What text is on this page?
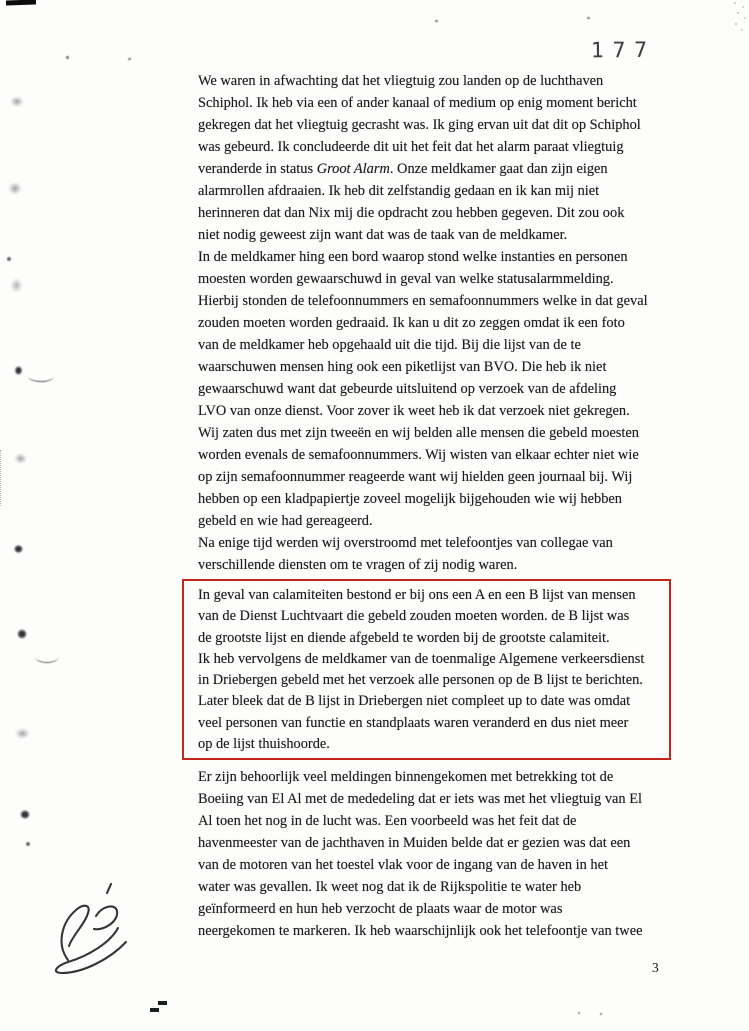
177
We waren in afwachting dat het vliegtuig zou landen op de luchthaven
Schiphol. Ik heb via een of ander kanaal of medium op enig moment bericht
gekregen dat het vliegtuig gecrasht was. Ik ging ervan uit dat dit op Schiphol
was gebeurd. Ik concludeerde dit uit het feit dat het alarm paraat vliegtuig
veranderde in status Groot Alarm. Onze meldkamer gaat dan zijn eigen
alarmrollen afdraaien. Ik heb dit zelfstandig gedaan en ik kan mij niet
herinneren dat dan Nix mij die opdracht zou hebben gegeven. Dit zou ook
niet nodig geweest zijn want dat was de taak van de meldkamer.
In de meldkamer hing een bord waarop stond welke instanties en personen
moesten worden gewaarschuwd in geval van welke statusalarmmelding.
Hierbij stonden de telefoonnummers en semafoonnummers welke in dat geval
zouden moeten worden gedraaid. Ik kan u dit zo zeggen omdat ik een foto
van de meldkamer heb opgehaald uit die tijd. Bij die lijst van de te
waarschuwen mensen hing ook een piketlijst van BVO. Die heb ik niet
gewaarschuwd want dat gebeurde uitsluitend op verzoek van de afdeling
LVO van onze dienst. Voor zover ik weet heb ik dat verzoek niet gekregen.
Wij zaten dus met zijn tweeën en wij belden alle mensen die gebeld moesten
worden evenals de semafoonnummers. Wij wisten van elkaar echter niet wie
op zijn semafoonnummer reageerde want wij hielden geen journaal bij. Wij
hebben op een kladpapiertje zoveel mogelijk bijgehouden wie wij hebben
gebeld en wie had gereageerd.
Na enige tijd werden wij overstroomd met telefoontjes van collegae van
verschillende diensten om te vragen of zij nodig waren.
In geval van calamiteiten bestond er bij ons een A en een B lijst van mensen
van de Dienst Luchtvaart die gebeld zouden moeten worden. de B lijst was
de grootste lijst en diende afgebeld te worden bij de grootste calamiteit.
Ik heb vervolgens de meldkamer van de toenmalige Algemene verkeersdienst
in Driebergen gebeld met het verzoek alle personen op de B lijst te berichten.
Later bleek dat de B lijst in Driebergen niet compleet up to date was omdat
veel personen van functie en standplaats waren veranderd en dus niet meer
op de lijst thuishoorde.
Er zijn behoorlijk veel meldingen binnengekomen met betrekking tot de
Boeiing van El Al met de mededeling dat er iets was met het vliegtuig van El
Al toen het nog in de lucht was. Een voorbeeld was het feit dat de
havenmeester van de jachthaven in Muiden belde dat er gezien was dat een
van de motoren van het toestel vlak voor de ingang van de haven in het
water was gevallen. Ik weet nog dat ik de Rijkspolitie te water heb
geïnformeerd en hun heb verzocht de plaats waar de motor was
neergekomen te markeren. Ik heb waarschijnlijk ook het telefoontje van twee
3
